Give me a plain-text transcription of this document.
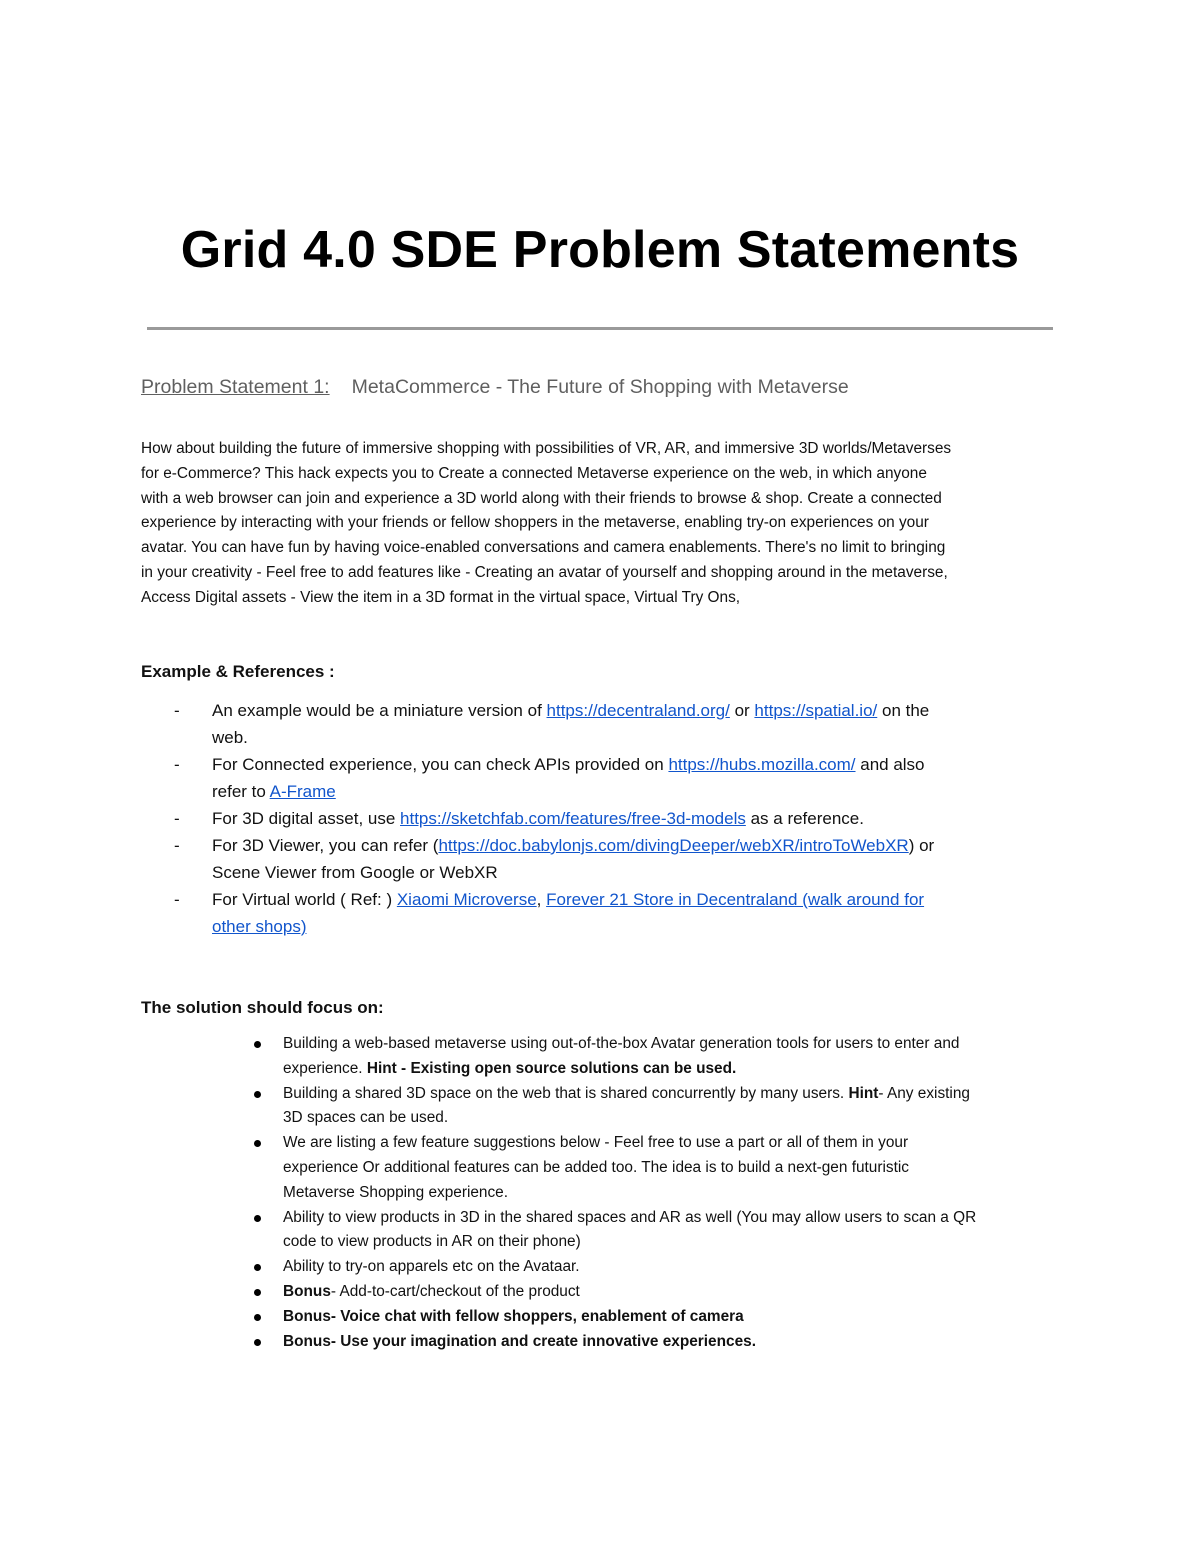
Grid 4.0 SDE Problem Statements
Problem Statement 1: MetaCommerce - The Future of Shopping with Metaverse

How about building the future of immersive shopping with possibilities of VR, AR, and immersive 3D worlds/Metaverses

for e-Commerce? This hack expects you to Create a connected Metaverse experience on the web, in which anyone

with a web browser can join and experience a 3D world along with their friends to browse & shop. Create a connected

experience by interacting with your friends or fellow shoppers in the metaverse, enabling try-on experiences on your

avatar. You can have fun by having voice-enabled conversations and camera enablements. There's no limit to bringing

in your creativity - Feel free to add features like - Creating an avatar of yourself and shopping around in the metaverse,

Access Digital assets - View the item in a 3D format in the virtual space, Virtual Try Ons,

Example & References :
- An example would be a miniature version of https://decentraland.org/ or https://spatial.io/ on the
web.
- For Connected experience, you can check APIs provided on https://hubs.mozilla.com/ and also
refer to A-Frame
- For 3D digital asset, use https://sketchfab.com/features/free-3d-models as a reference.
- For 3D Viewer, you can refer (https://doc.babylonjs.com/divingDeeper/webXR/introToWebXR) or
Scene Viewer from Google or WebXR
- For Virtual world ( Ref: ) Xiaomi Microverse, Forever 21 Store in Decentraland (walk around for
other shops)
The solution should focus on:
Building a web-based metaverse using out-of-the-box Avatar generation tools for users to enter and
experience. Hint - Existing open source solutions can be used.
Building a shared 3D space on the web that is shared concurrently by many users. Hint- Any existing
3D spaces can be used.
We are listing a few feature suggestions below - Feel free to use a part or all of them in your
experience Or additional features can be added too. The idea is to build a next-gen futuristic
Metaverse Shopping experience.
Ability to view products in 3D in the shared spaces and AR as well (You may allow users to scan a QR
code to view products in AR on their phone)
Ability to try-on apparels etc on the Avataar.
Bonus- Add-to-cart/checkout of the product
Bonus- Voice chat with fellow shoppers, enablement of camera
Bonus- Use your imagination and create innovative experiences.
